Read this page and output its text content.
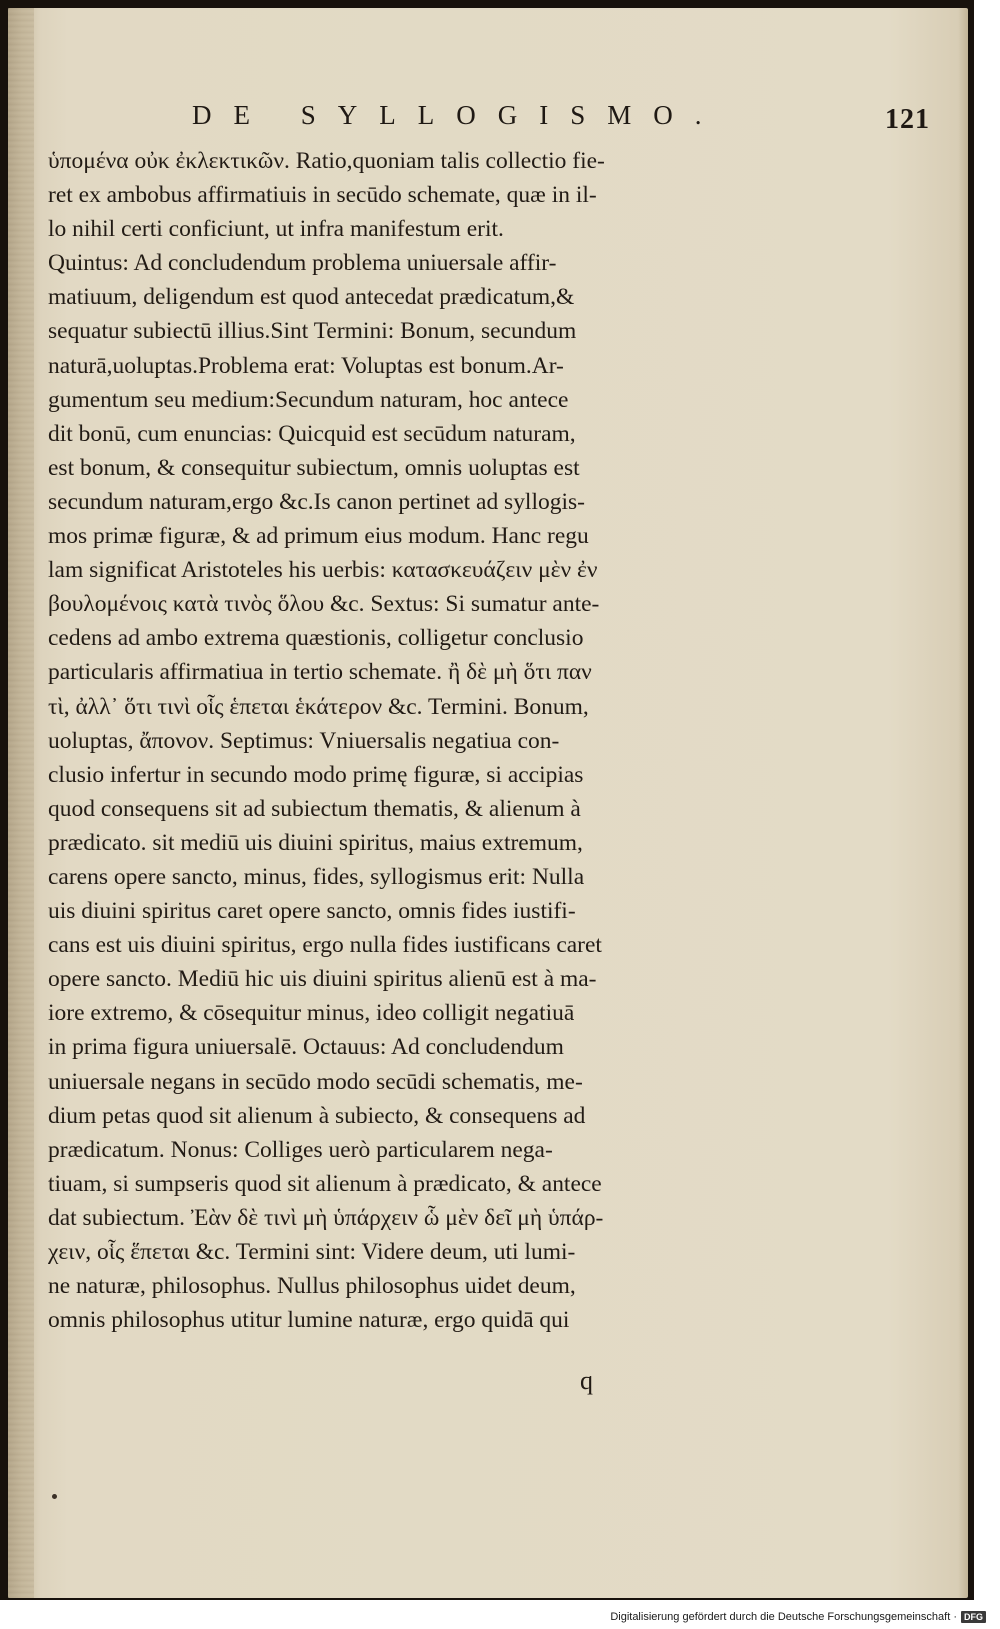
DE SYLLOGISMO.	121
ὑπομένα οὐκ ἐκλεκτικῶν. Ratio,quoniam talis collectio fie-
ret ex ambobus affirmatiuis in secūdo schemate, quæ in il-
lo nihil certi conficiunt, ut infra manifestum erit.
Quintus: Ad concludendum problema uniuersale affir-
matiuum, deligendum est quod antecedat prædicatum,&
sequatur subiectū illius.Sint Termini: Bonum, secundum
naturā,uoluptas.Problema erat: Voluptas est bonum.Ar-
gumentum seu medium:Secundum naturam, hoc antece
dit bonū, cum enuncias: Quicquid est secūdum naturam,
est bonum, & consequitur subiectum, omnis uoluptas est
secundum naturam,ergo &c.Is canon pertinet ad syllogis-
mos primæ figuræ, & ad primum eius modum. Hanc regu
lam significat Aristoteles his uerbis: κατασκευάζειν μὲν ἐν
βουλομένοις κατὰ τινὸς ὅλου &c. Sextus: Si sumatur ante-
cedens ad ambo extrema quæstionis, colligetur conclusio
particularis affirmatiua in tertio schemate. ἢ δὲ μὴ ὅτι παν
τὶ, ἀλλ᾽ ὅτι τινὶ οἷς ἑπεται ἑκάτερον &c. Termini. Bonum,
uoluptas, ἄπονον. Septimus: Vniuersalis negatiua con-
clusio infertur in secundo modo primę figuræ, si accipias
quod consequens sit ad subiectum thematis, & alienum à
prædicato. sit mediū uis diuini spiritus, maius extremum,
carens opere sancto, minus, fides, syllogismus erit: Nulla
uis diuini spiritus caret opere sancto, omnis fides iustifi-
cans est uis diuini spiritus, ergo nulla fides iustificans caret
opere sancto. Mediū hic uis diuini spiritus alienū est à ma-
iore extremo, & cōsequitur minus, ideo colligit negatiuā
in prima figura uniuersalē. Octauus: Ad concludendum
uniuersale negans in secūdo modo secūdi schematis, me-
dium petas quod sit alienum à subiecto, & consequens ad
prædicatum. Nonus: Colliges uerò particularem nega-
tiuam, si sumpseris quod sit alienum à prædicato, & antece
dat subiectum. Ἐὰν δὲ τινὶ μὴ ὑπάρχειν ὧ μὲν δεῖ μὴ ὑπάρ-
χειν, οἷς ἕπεται &c. Termini sint: Videre deum, uti lumi-
ne naturæ, philosophus. Nullus philosophus uidet deum,
omnis philosophus utitur lumine naturæ, ergo quidā qui
q
Digitalisierung gefördert durch die Deutsche Forschungsgemeinschaft · DFG
